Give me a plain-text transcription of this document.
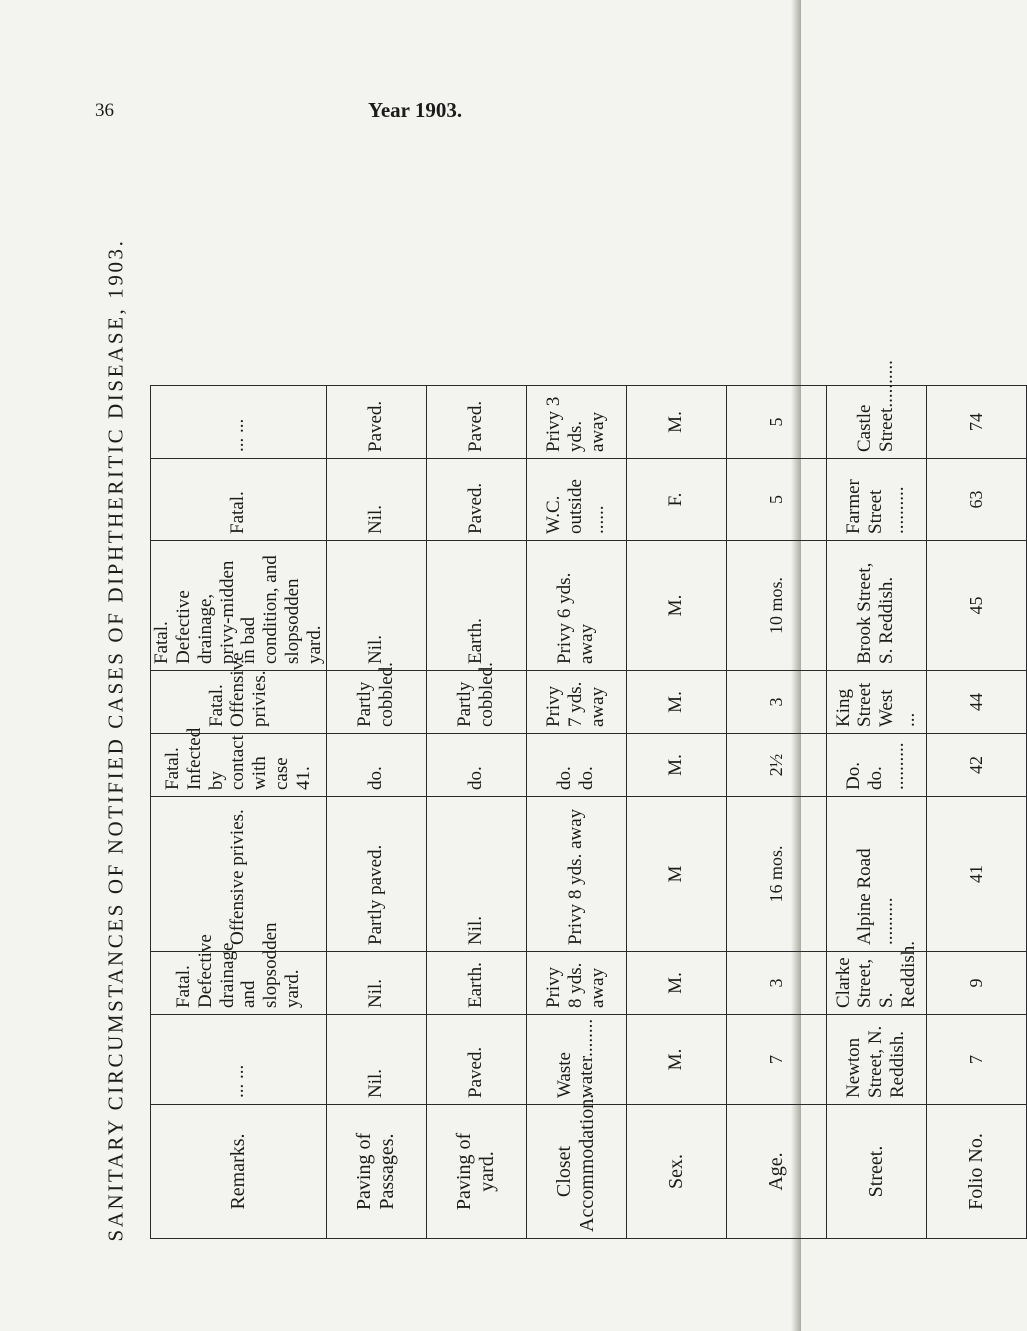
36	Year 1903.
SANITARY CIRCUMSTANCES OF NOTIFIED CASES OF DIPHTHERITIC DISEASE, 1903.	Remarks.	... ...	Fatal. Defective drainage and slopsodden yard.	Offensive privies.	Fatal. Infected by contact with case 41.	Fatal. Offensive privies.	Fatal. Defective drainage, privy-midden in bad condition, and slopsodden yard.	Fatal.	... ...
Paving of Passages.	Nil.	Nil.	Partly paved.	do.	Partly cobbled.	Nil.	Nil.	Paved.
Paving of yard.	Paved.	Earth.	Nil.	do.	Partly cobbled.	Earth.	Paved.	Paved.
Closet Accommodation.	Waste water........	Privy 8 yds. away	Privy 8 yds. away	do. do.	Privy 7 yds. away	Privy 6 yds. away	W.C. outside ......	Privy 3 yds. away
Sex.	M.	M.	M	M.	M.	M.	F.	M.
Age.	7	3	16 mos.	2½	3	10 mos.	5	5
Street.	Newton Street, N. Reddish.	Clarke Street, S. Reddish.	Alpine Road ..........	Do. do. ..........	King Street West ...	Brook Street, S. Reddish.	Farmer Street ..........	Castle Street..........
Folio No.	7	9	41	42	44	45	63	74
